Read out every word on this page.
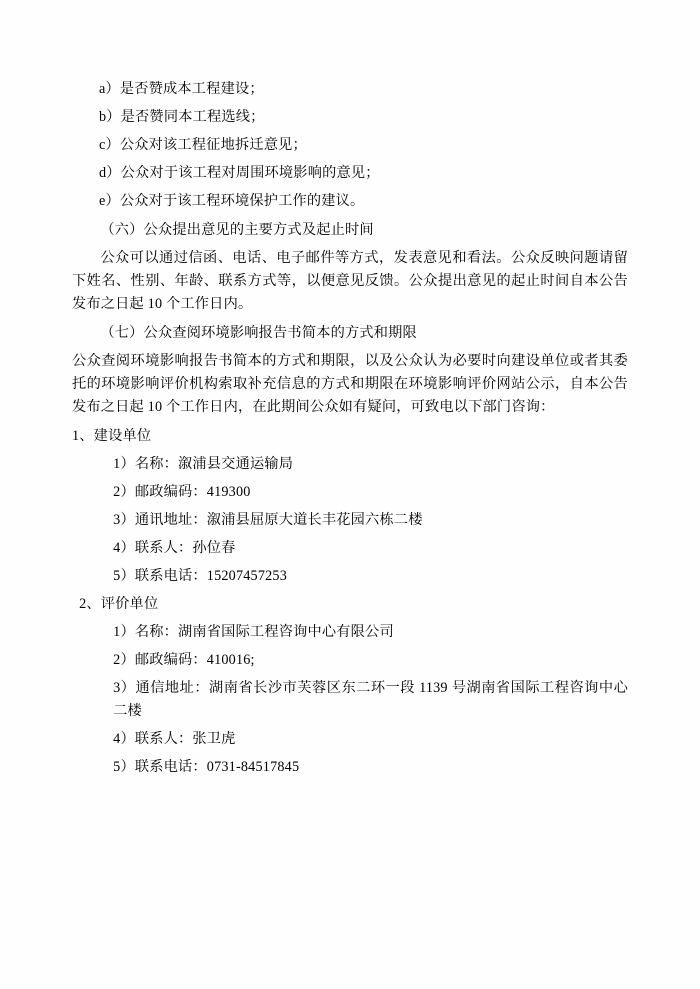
a）是否赞成本工程建设；

b）是否赞同本工程选线；

c）公众对该工程征地拆迁意见；

d）公众对于该工程对周围环境影响的意见；

e）公众对于该工程环境保护工作的建议。

（六）公众提出意见的主要方式及起止时间

公众可以通过信函、电话、电子邮件等方式，发表意见和看法。公众反映问题请留下姓名、性别、年龄、联系方式等，以便意见反馈。公众提出意见的起止时间自本公告发布之日起 10 个工作日内。

（七）公众查阅环境影响报告书简本的方式和期限

公众查阅环境影响报告书简本的方式和期限，以及公众认为必要时向建设单位或者其委托的环境影响评价机构索取补充信息的方式和期限在环境影响评价网站公示，自本公告发布之日起 10 个工作日内，在此期间公众如有疑问，可致电以下部门咨询：

1、建设单位

1）名称：溆浦县交通运输局

2）邮政编码：419300

3）通讯地址：溆浦县屈原大道长丰花园六栋二楼

4）联系人：孙位春

5）联系电话：15207457253

2、评价单位

1）名称：湖南省国际工程咨询中心有限公司

2）邮政编码：410016;

3）通信地址：湖南省长沙市芙蓉区东二环一段 1139 号湖南省国际工程咨询中心二楼

4）联系人：张卫虎

5）联系电话：0731-84517845
